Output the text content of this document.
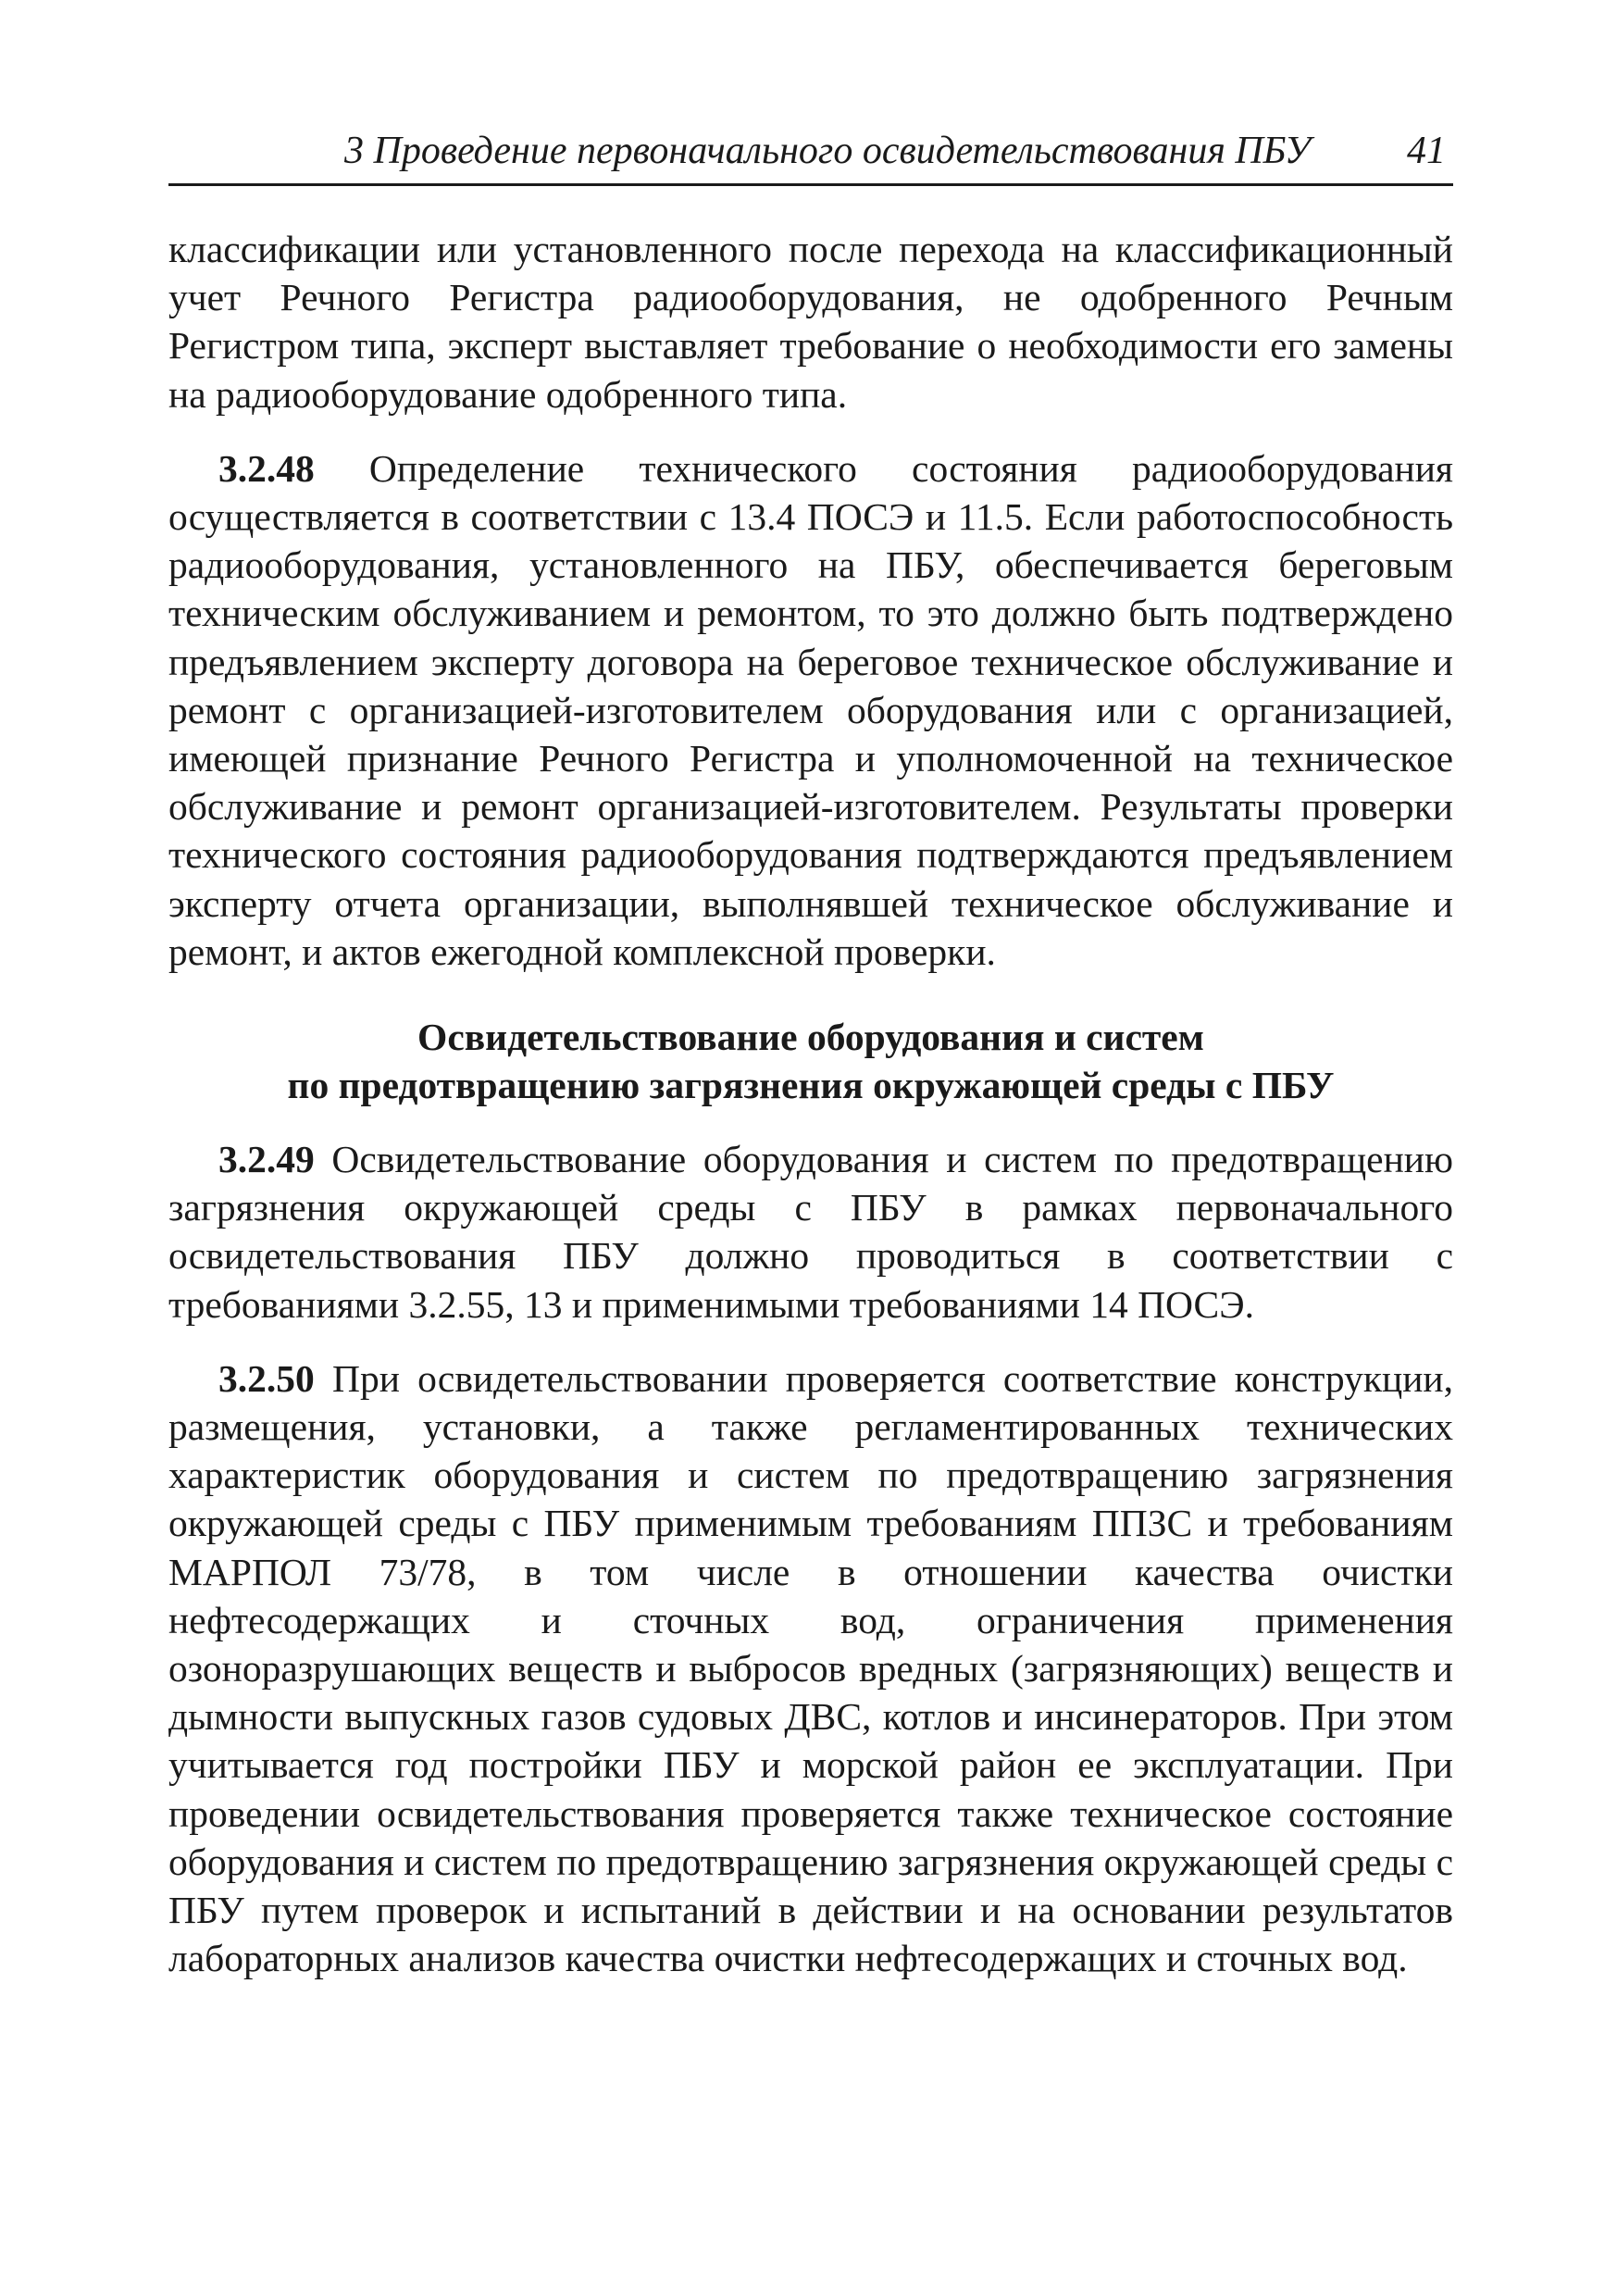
3 Проведение первоначального освидетельствования ПБУ 41

классификации или установленного после перехода на классификационный учет Речного Регистра радиооборудования, не одобренного Речным Регистром типа, эксперт выставляет требование о необходимости его замены на радиооборудование одобренного типа.

3.2.48 Определение технического состояния радиооборудования осуществляется в соответствии с 13.4 ПОСЭ и 11.5. Если работоспособность радиооборудования, установленного на ПБУ, обеспечивается береговым техническим обслуживанием и ремонтом, то это должно быть подтверждено предъявлением эксперту договора на береговое техническое обслуживание и ремонт с организацией-изготовителем оборудования или с организацией, имеющей признание Речного Регистра и уполномоченной на техническое обслуживание и ремонт организацией-изготовителем. Результаты проверки технического состояния радиооборудования подтверждаются предъявлением эксперту отчета организации, выполнявшей техническое обслуживание и ремонт, и актов ежегодной комплексной проверки.

Освидетельствование оборудования и систем
по предотвращению загрязнения окружающей среды с ПБУ

3.2.49 Освидетельствование оборудования и систем по предотвращению загрязнения окружающей среды с ПБУ в рамках первоначального освидетельствования ПБУ должно проводиться в соответствии с требованиями 3.2.55, 13 и применимыми требованиями 14 ПОСЭ.

3.2.50 При освидетельствовании проверяется соответствие конструкции, размещения, установки, а также регламентированных технических характеристик оборудования и систем по предотвращению загрязнения окружающей среды с ПБУ применимым требованиям ППЗС и требованиям МАРПОЛ 73/78, в том числе в отношении качества очистки нефтесодержащих и сточных вод, ограничения применения озоноразрушающих веществ и выбросов вредных (загрязняющих) веществ и дымности выпускных газов судовых ДВС, котлов и инсинераторов. При этом учитывается год постройки ПБУ и морской район ее эксплуатации. При проведении освидетельствования проверяется также техническое состояние оборудования и систем по предотвращению загрязнения окружающей среды с ПБУ путем проверок и испытаний в действии и на основании результатов лабораторных анализов качества очистки нефтесодержащих и сточных вод.
